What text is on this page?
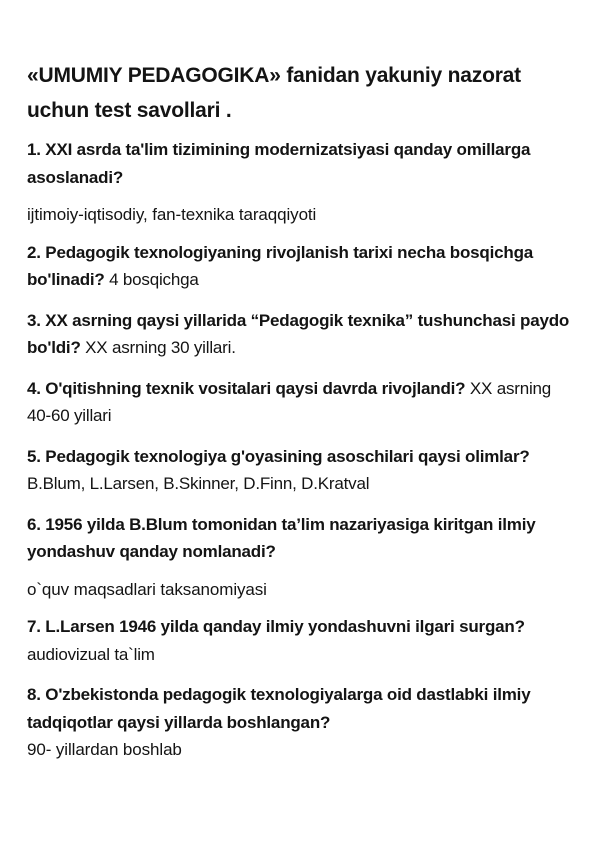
«UMUMIY PEDAGOGIKA» fanidan yakuniy nazorat uchun test savollari .
1. XXI asrda ta'lim tizimining modernizatsiyasi qanday omillarga asoslanadi?
ijtimoiy-iqtisodiy, fan-texnika taraqqiyoti
2. Pedagogik texnologiyaning rivojlanish tarixi necha bosqichga bo'linadi? 4 bosqichga
3. XX asrning qaysi yillarida “Pedagogik texnika” tushunchasi paydo bo'ldi? XX asrning 30 yillari.
4. O'qitishning texnik vositalari qaysi davrda rivojlandi? XX asrning 40-60 yillari
5. Pedagogik texnologiya g'oyasining asoschilari qaysi olimlar? B.Blum, L.Larsen, B.Skinner, D.Finn, D.Kratval
6. 1956 yilda B.Blum tomonidan ta’lim nazariyasiga kiritgan ilmiy yondashuv qanday nomlanadi?
o`quv maqsadlari taksanomiyasi
7. L.Larsen 1946 yilda qanday ilmiy yondashuvni ilgari surgan? audiovizual ta`lim
8. O'zbekistonda pedagogik texnologiyalarga oid dastlabki ilmiy tadqiqotlar qaysi yillarda boshlangan?
90- yillardan boshlab
